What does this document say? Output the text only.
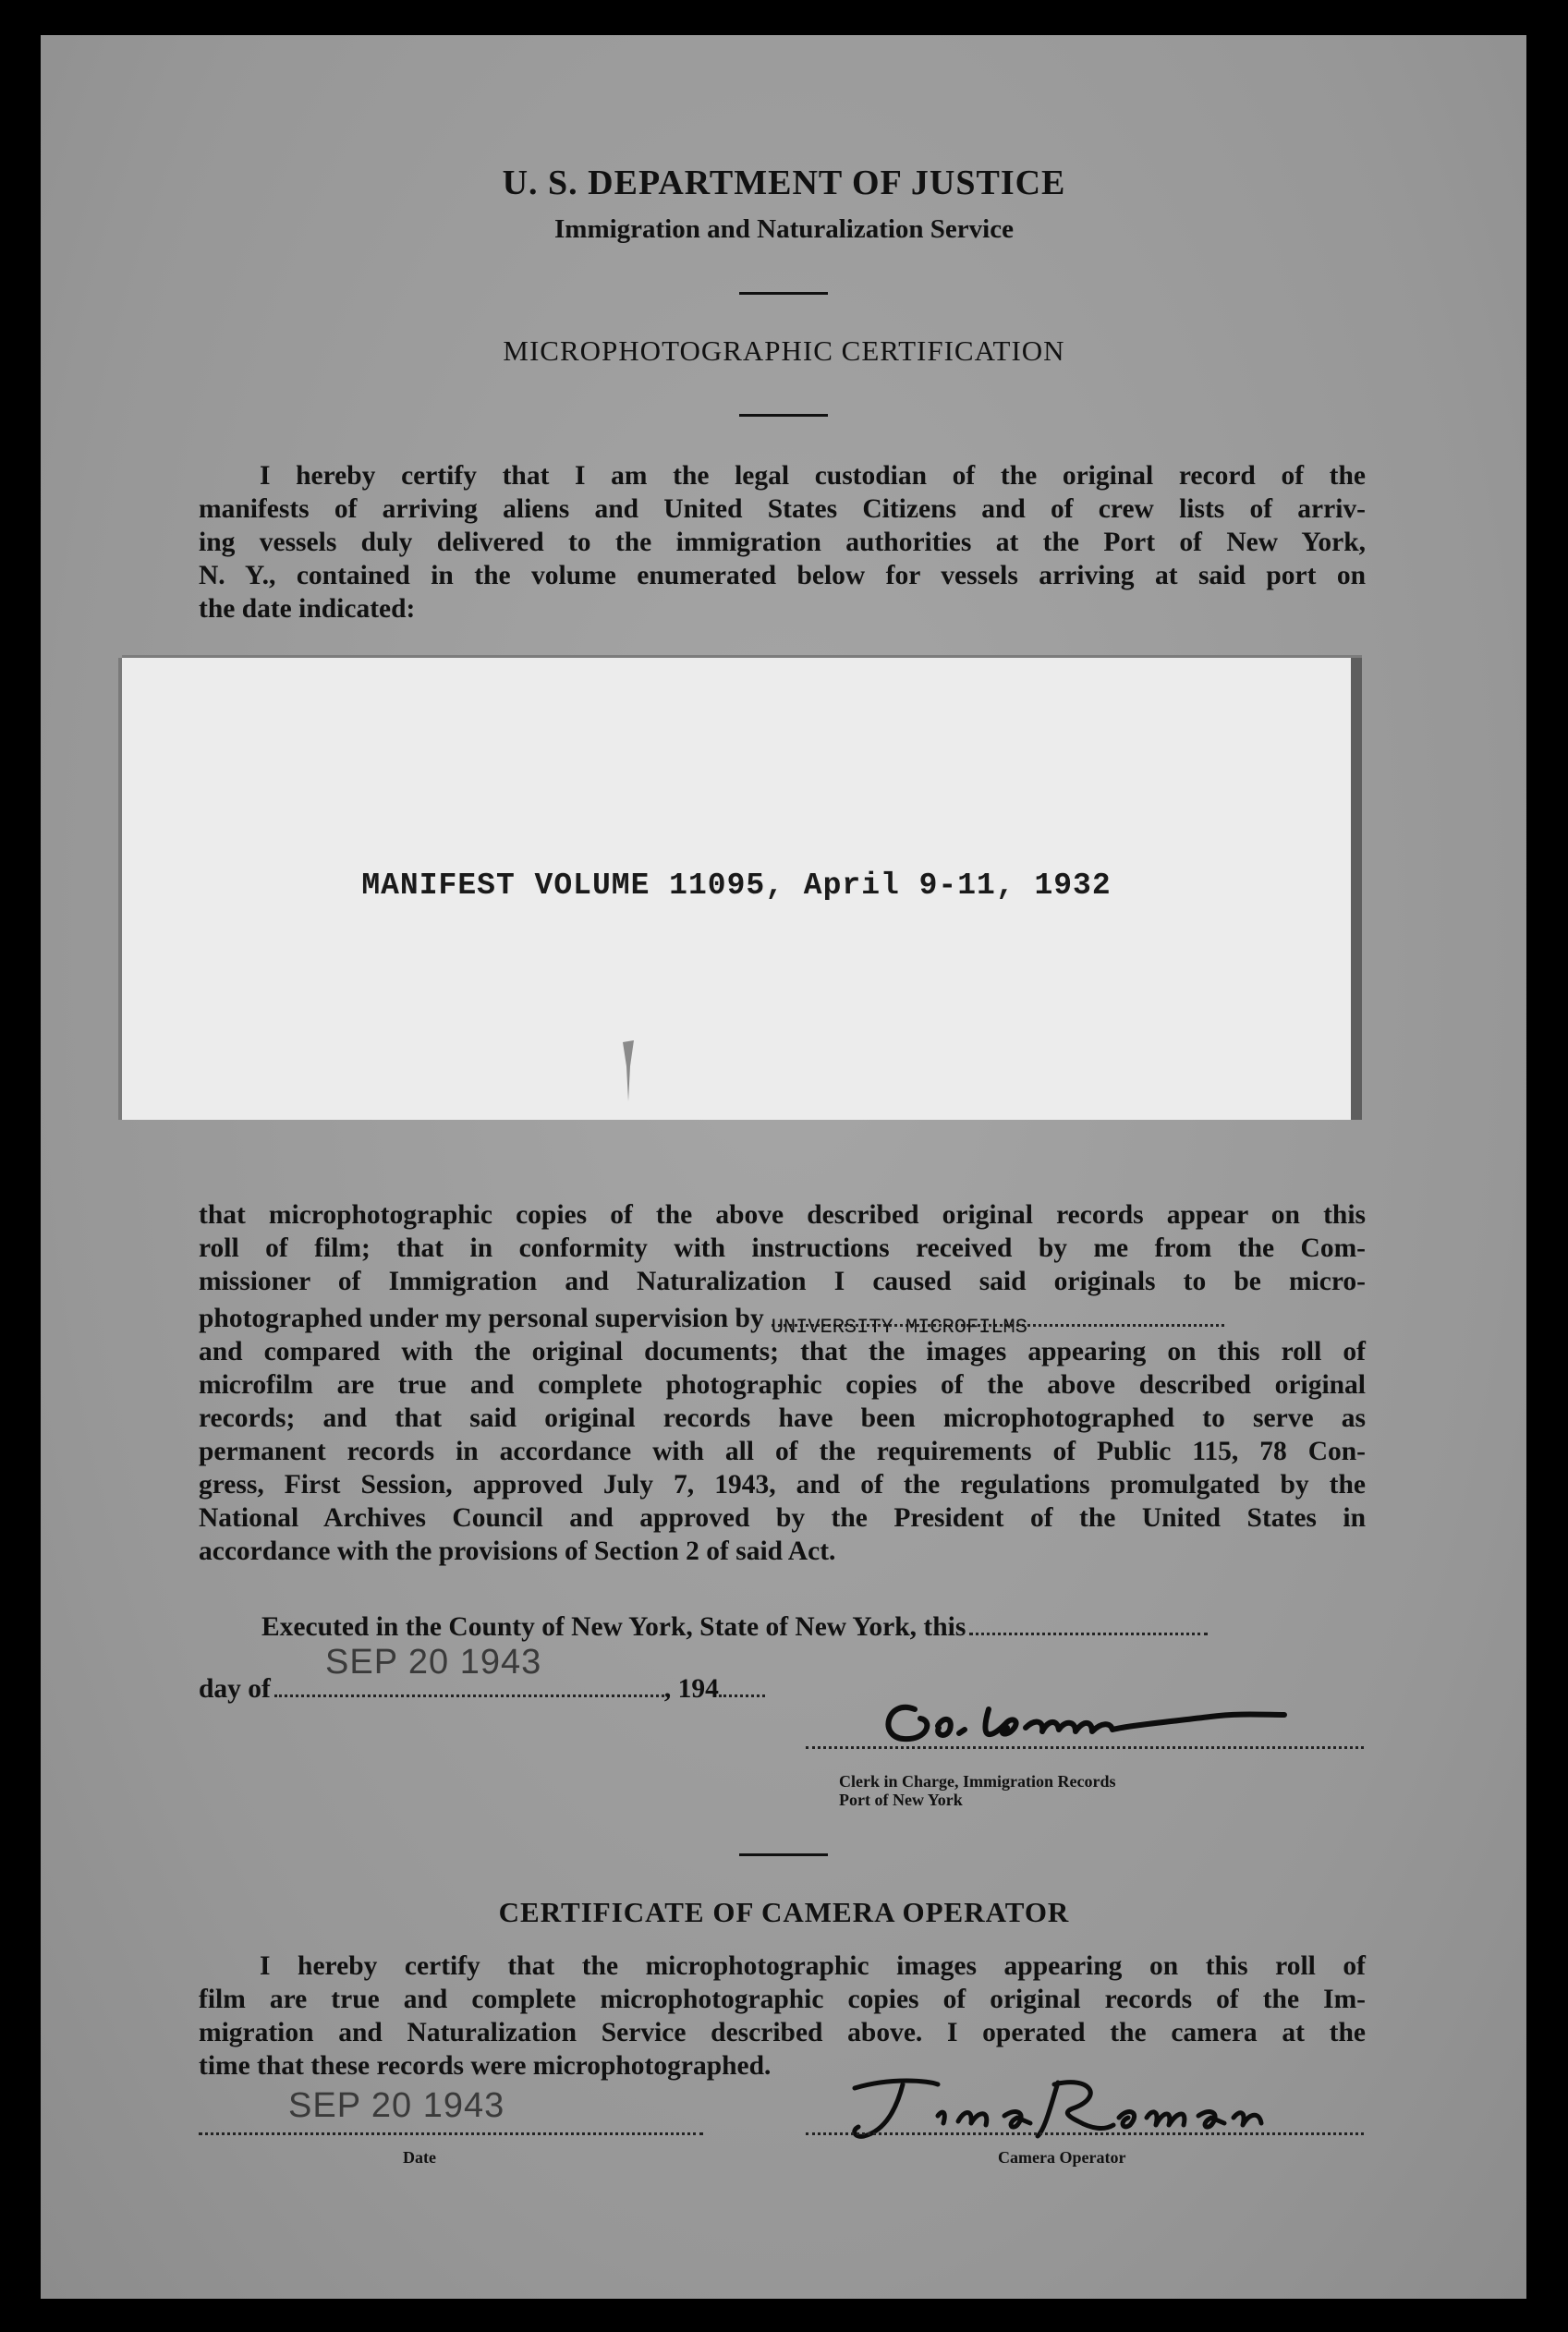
U. S. DEPARTMENT OF JUSTICE
Immigration and Naturalization Service
MICROPHOTOGRAPHIC CERTIFICATION
I hereby certify that I am the legal custodian of the original record of the
manifests of arriving aliens and United States Citizens and of crew lists of arriv-
ing vessels duly delivered to the immigration authorities at the Port of New York,
N. Y., contained in the volume enumerated below for vessels arriving at said port on
the date indicated:
MANIFEST VOLUME 11095, April 9-11, 1932
that microphotographic copies of the above described original records appear on this
roll of film; that in conformity with instructions received by me from the Com-
missioner of Immigration and Naturalization I caused said originals to be micro-
photographed under my personal supervision by UNIVERSITY MICROFILMS
and compared with the original documents; that the images appearing on this roll of
microfilm are true and complete photographic copies of the above described original
records; and that said original records have been microphotographed to serve as
permanent records in accordance with all of the requirements of Public 115, 78 Con-
gress, First Session, approved July 7, 1943, and of the regulations promulgated by the
National Archives Council and approved by the President of the United States in
accordance with the provisions of Section 2 of said Act.
Executed in the County of New York, State of New York, this
day of	, 194
SEP 20 1943
Clerk in Charge, Immigration Records
Port of New York
CERTIFICATE OF CAMERA OPERATOR
I hereby certify that the microphotographic images appearing on this roll of
film are true and complete microphotographic copies of original records of the Im-
migration and Naturalization Service described above. I operated the camera at the
time that these records were microphotographed.
SEP 20 1943
Date	Camera Operator
